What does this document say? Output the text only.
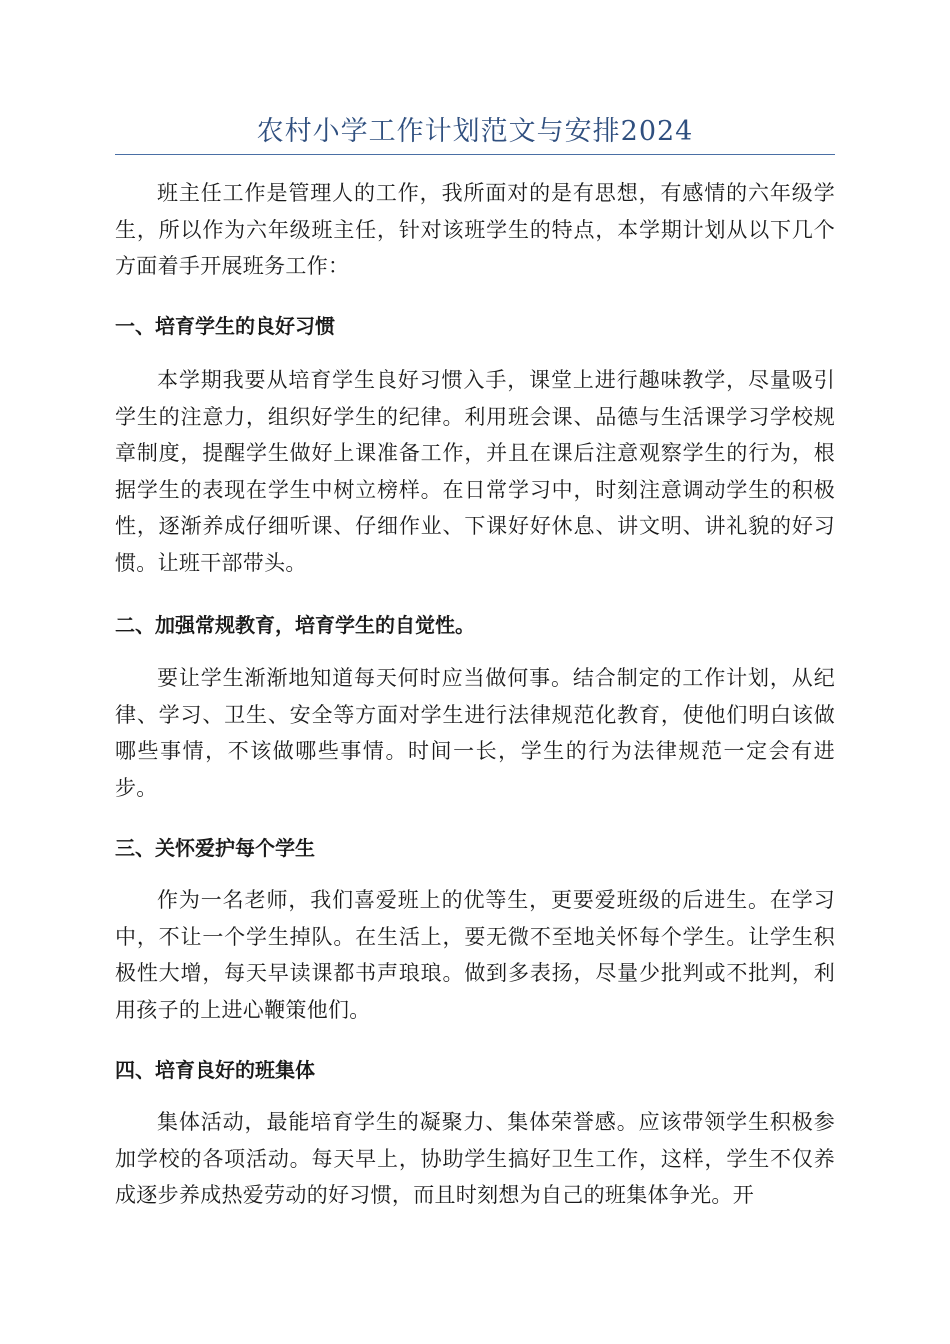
农村小学工作计划范文与安排2024

班主任工作是管理人的工作，我所面对的是有思想，有感情的六年级学生，所以作为六年级班主任，针对该班学生的特点，本学期计划从以下几个方面着手开展班务工作：

一、培育学生的良好习惯

本学期我要从培育学生良好习惯入手，课堂上进行趣味教学，尽量吸引学生的注意力，组织好学生的纪律。利用班会课、品德与生活课学习学校规章制度，提醒学生做好上课准备工作，并且在课后注意观察学生的行为，根据学生的表现在学生中树立榜样。在日常学习中，时刻注意调动学生的积极性，逐渐养成仔细听课、仔细作业、下课好好休息、讲文明、讲礼貌的好习惯。让班干部带头。

二、加强常规教育，培育学生的自觉性。

要让学生渐渐地知道每天何时应当做何事。结合制定的工作计划，从纪律、学习、卫生、安全等方面对学生进行法律规范化教育，使他们明白该做哪些事情，不该做哪些事情。时间一长，学生的行为法律规范一定会有进步。

三、关怀爱护每个学生

作为一名老师，我们喜爱班上的优等生，更要爱班级的后进生。在学习中，不让一个学生掉队。在生活上，要无微不至地关怀每个学生。让学生积极性大增，每天早读课都书声琅琅。做到多表扬，尽量少批判或不批判，利用孩子的上进心鞭策他们。

四、培育良好的班集体

集体活动，最能培育学生的凝聚力、集体荣誉感。应该带领学生积极参加学校的各项活动。每天早上，协助学生搞好卫生工作，这样，学生不仅养成逐步养成热爱劳动的好习惯，而且时刻想为自己的班集体争光。开
